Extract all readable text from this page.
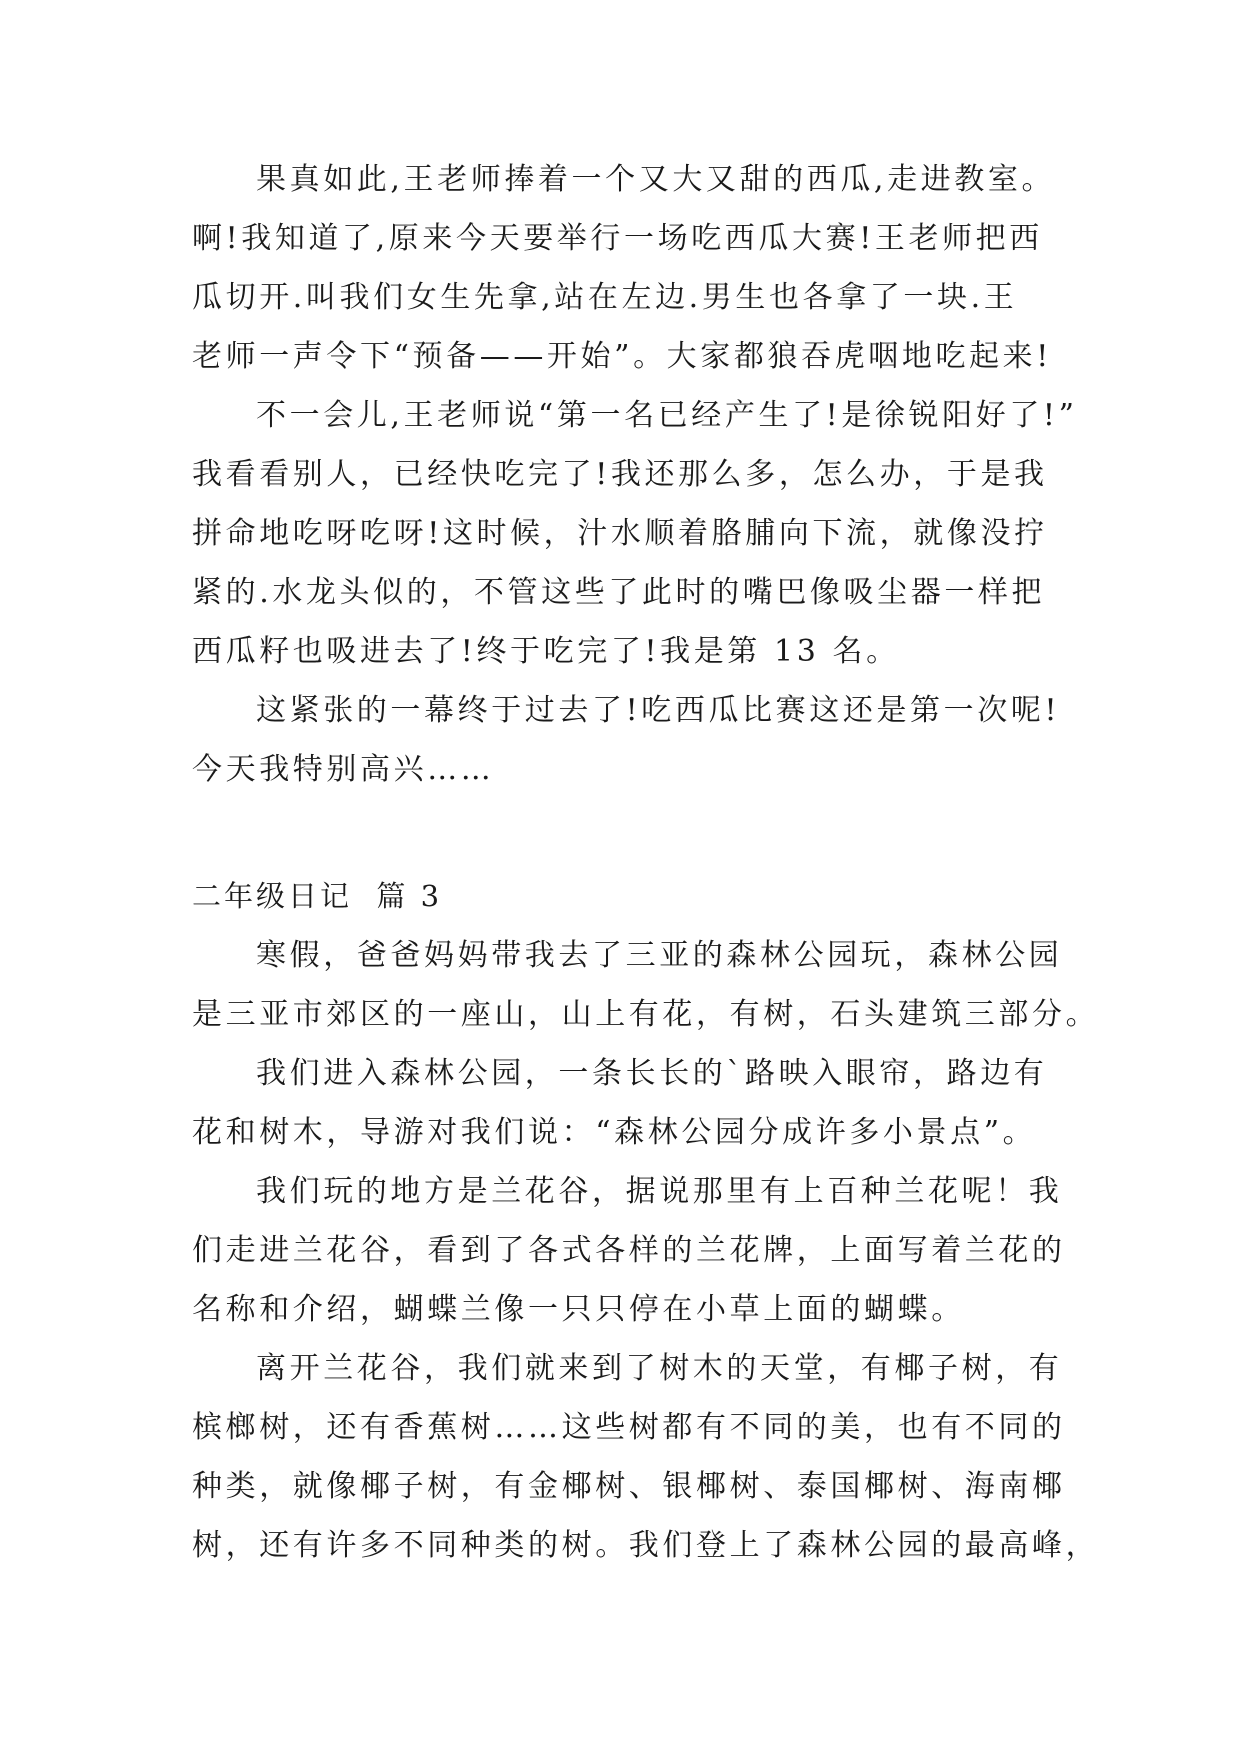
果真如此,王老师捧着一个又大又甜的西瓜,走进教室。
啊!我知道了,原来今天要举行一场吃西瓜大赛!王老师把西
瓜切开.叫我们女生先拿,站在左边.男生也各拿了一块.王
老师一声令下“预备——开始”。大家都狼吞虎咽地吃起来!
不一会儿,王老师说“第一名已经产生了!是徐锐阳好了!”
我看看别人，已经快吃完了!我还那么多，怎么办，于是我
拼命地吃呀吃呀!这时候，汁水顺着胳脯向下流，就像没拧
紧的.水龙头似的，不管这些了此时的嘴巴像吸尘器一样把
西瓜籽也吸进去了!终于吃完了!我是第 13 名。
这紧张的一幕终于过去了!吃西瓜比赛这还是第一次呢!
今天我特别高兴……
二年级日记  篇 3
寒假，爸爸妈妈带我去了三亚的森林公园玩，森林公园
是三亚市郊区的一座山，山上有花，有树，石头建筑三部分。
我们进入森林公园，一条长长的`路映入眼帘，路边有
花和树木，导游对我们说：“森林公园分成许多小景点”。
我们玩的地方是兰花谷，据说那里有上百种兰花呢！我
们走进兰花谷，看到了各式各样的兰花牌，上面写着兰花的
名称和介绍，蝴蝶兰像一只只停在小草上面的蝴蝶。
离开兰花谷，我们就来到了树木的天堂，有椰子树，有
槟榔树，还有香蕉树……这些树都有不同的美，也有不同的
种类，就像椰子树，有金椰树、银椰树、泰国椰树、海南椰
树，还有许多不同种类的树。我们登上了森林公园的最高峰，
